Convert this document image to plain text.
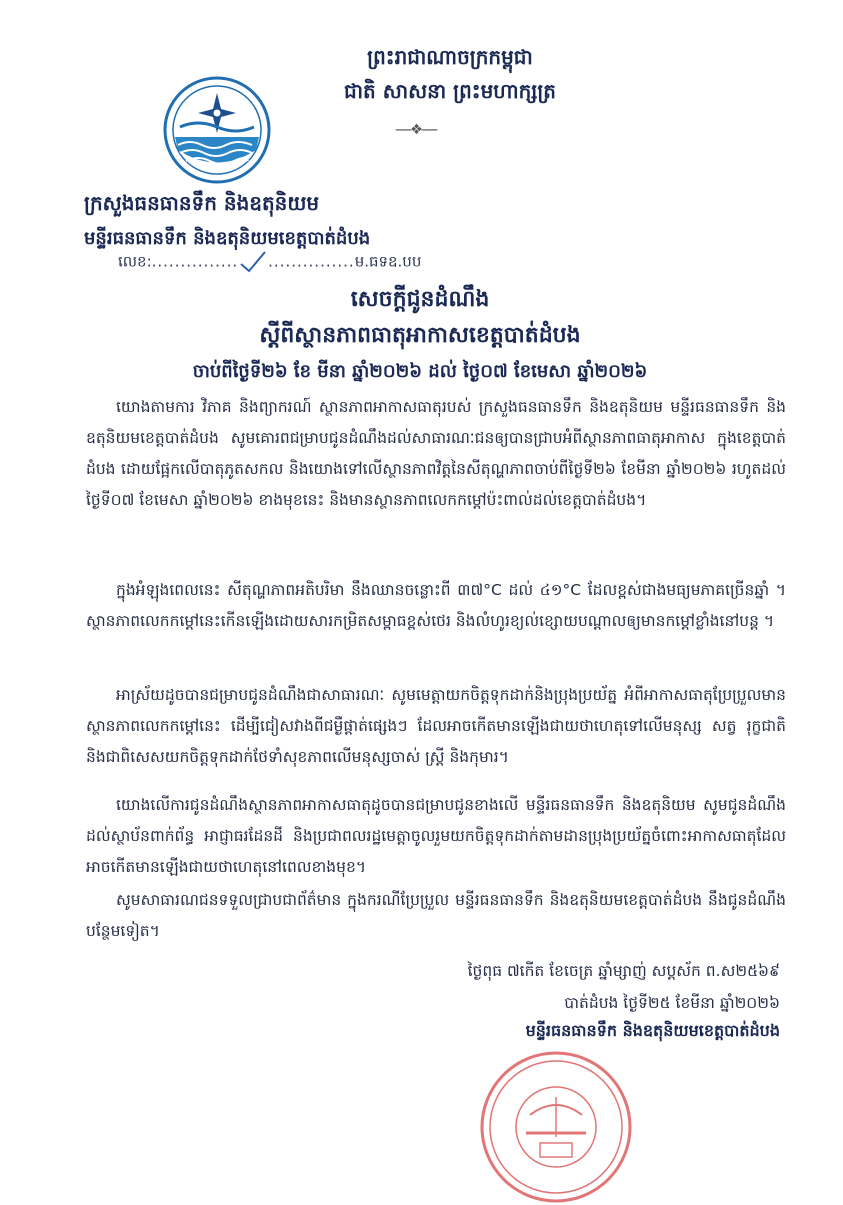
ព្រះរាជាណាចក្រកម្ពុជា
ជាតិ សាសនា ព្រះមហាក្សត្រ
-----❖-----
ក្រសួងធនធានទឹក និងឧតុនិយម
មន្ទីរធនធានទឹក និងឧតុនិយមខេត្តបាត់ដំបង
លេខ:............... ...............ម.ធទឧ.បប
សេចក្តីជូនដំណឹង
ស្តីពីស្ថានភាពធាតុអាកាសខេត្តបាត់ដំបង
ចាប់ពីថ្ងៃទី២៦ ខែ មីនា ឆ្នាំ២០២៦ ដល់ ថ្ងៃ០៧ ខែមេសា ឆ្នាំ២០២៦
យោងតាមការ វិភាគ និងព្យាករណ៍ ស្ថានភាពអាកាសធាតុរបស់ ក្រសួងធនធានទឹក និងឧតុនិយម មន្ទីរធនធានទឹក និងឧតុនិយមខេត្តបាត់ដំបង សូមគោរពជម្រាបជូនដំណឹងដល់សាធារណៈជនឲ្យបានជ្រាបអំពីស្ថានភាពធាតុអាកាស ក្នុងខេត្តបាត់ដំបង ដោយផ្អែកលើបាតុភូតសកល និងយោងទៅលើស្ថានភាពវិត្តនៃសីតុណ្ហភាពចាប់ពីថ្ងៃទី២៦ ខែមីនា ឆ្នាំ២០២៦ រហូតដល់ថ្ងៃទី០៧ ខែមេសា ឆ្នាំ២០២៦ ខាងមុខនេះ និងមានស្ថានភាពលេកកម្តៅប៉ះពាល់ដល់ខេត្តបាត់ដំបង។
ក្នុងអំឡុងពេលនេះ សីតុណ្ហភាពអតិបរិមា នឹងឈានចន្លោះពី ៣៧°C ដល់ ៤១°C ដែលខ្ពស់ជាងមធ្យមភាគច្រើនឆ្នាំ ។ ស្ថានភាពលេកកម្តៅនេះកើនឡើងដោយសារកម្រិតសម្ពាធខ្ពស់ថេរ និងលំហូរខ្យល់ខ្សោយបណ្តាលឲ្យមានកម្តៅខ្លាំងនៅបន្ត ។
អាស្រ័យដូចបានជម្រាបជូនដំណឹងជាសាធារណៈ សូមមេត្តាយកចិត្តទុកដាក់និងប្រុងប្រយ័ត្ន អំពីអាកាសធាតុប្រែប្រួលមានស្ថានភាពលេកកម្តៅនេះ ដើម្បីជៀសវាងពីជម្ងឺផ្តាត់ផ្សេងៗ ដែលអាចកើតមានឡើងជាយថាហេតុទៅលើមនុស្ស សត្វ រុក្ខជាតិ និងជាពិសេសយកចិត្តទុកដាក់ថែទាំសុខភាពលើមនុស្សចាស់ ស្ត្រី និងកុមារ។
យោងលើការជូនដំណឹងស្ថានភាពអាកាសធាតុដូចបានជម្រាបជូនខាងលើ មន្ទីរធនធានទឹក និងឧតុនិយម សូមជូនដំណឹងដល់ស្ថាប័នពាក់ព័ន្ធ អាជ្ញាធរដែនដី និងប្រជាពលរដ្ឋមេត្តាចូលរួមយកចិត្តទុកដាក់តាមដានប្រុងប្រយ័ត្នចំពោះអាកាសធាតុដែលអាចកើតមានឡើងជាយថាហេតុនៅពេលខាងមុខ។
សូមសាធារណជនទទួលជ្រាបជាព័ត៌មាន ក្នុងករណីប្រែប្រួល មន្ទីរធនធានទឹក និងឧតុនិយមខេត្តបាត់ដំបង នឹងជូនដំណឹងបន្ថែមទៀត។
ថ្ងៃពុធ ៧កើត ខែចេត្រ ឆ្នាំម្សាញ់ សប្តស័ក ព.ស២៥៦៩
បាត់ដំបង ថ្ងៃទី២៥ ខែមីនា ឆ្នាំ២០២៦
មន្ទីរធនធានទឹក និងឧតុនិយមខេត្តបាត់ដំបង
